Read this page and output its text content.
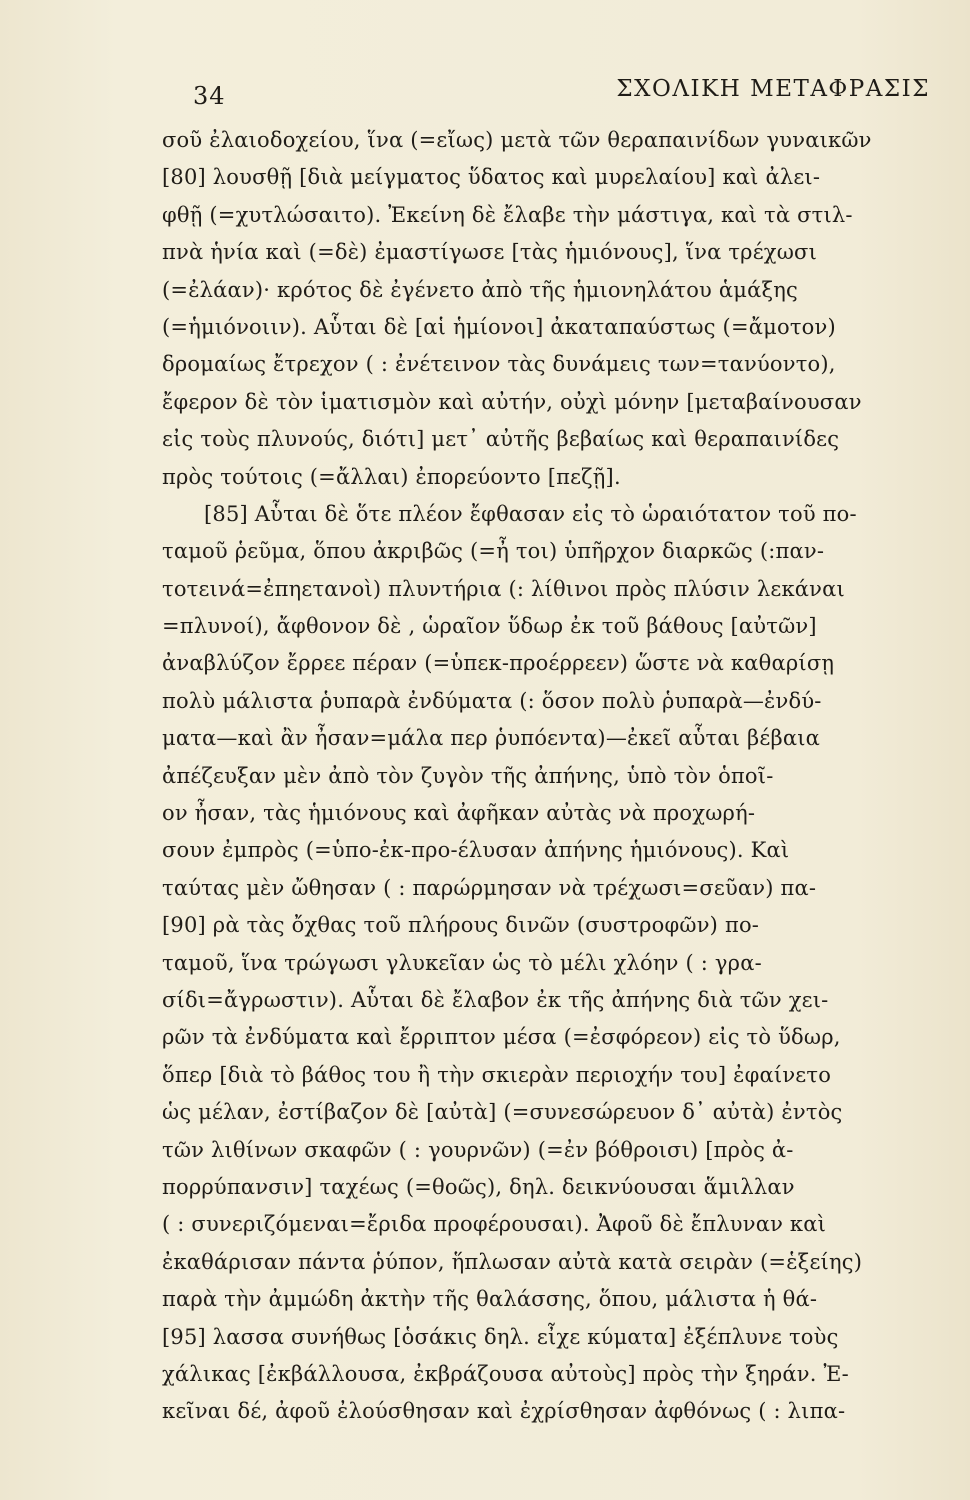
34	ΣΧΟΛΙΚΗ ΜΕΤΑΦΡΑΣΙΣ
σοῦ ἐλαιοδοχείου, ἵνα (=εἴως) μετὰ τῶν θεραπαινίδων γυναικῶν
[80] λουσθῇ [διὰ μείγματος ὕδατος καὶ μυρελαίου] καὶ ἀλει-
φθῇ (=χυτλώσαιτο). Ἐκείνη δὲ ἔλαβε τὴν μάστιγα, καὶ τὰ στιλ-
πνὰ ἡνία καὶ (=δὲ) ἐμαστίγωσε [τὰς ἡμιόνους], ἵνα τρέχωσι
(=ἐλάαν)· κρότος δὲ ἐγένετο ἀπὸ τῆς ἡμιονηλάτου ἁμάξης
(=ἡμιόνοιιν). Αὗται δὲ [αἱ ἡμίονοι] ἀκαταπαύστως (=ἄμοτον)
δρομαίως ἔτρεχον ( : ἐνέτεινον τὰς δυνάμεις των=τανύοντο),
ἔφερον δὲ τὸν ἱματισμὸν καὶ αὐτήν, οὐχὶ μόνην [μεταβαίνουσαν
εἰς τοὺς πλυνούς, διότι] μετ᾽ αὐτῆς βεβαίως καὶ θεραπαινίδες
πρὸς τούτοις (=ἄλλαι) ἐπορεύοντο [πεζῇ].
[85] Αὗται δὲ ὅτε πλέον ἔφθασαν εἰς τὸ ὡραιότατον τοῦ πο-
ταμοῦ ῥεῦμα, ὅπου ἀκριβῶς (=ἦ τοι) ὑπῆρχον διαρκῶς (:παν-
τοτεινά=ἐπηετανοὶ) πλυντήρια (: λίθινοι πρὸς πλύσιν λεκάναι
=πλυνοί), ἄφθονον δὲ , ὡραῖον ὕδωρ ἐκ τοῦ βάθους [αὐτῶν]
ἀναβλύζον ἔρρεε πέραν (=ὑπεκ-προέρρεεν) ὥστε νὰ καθαρίσῃ
πολὺ μάλιστα ῥυπαρὰ ἐνδύματα (: ὅσον πολὺ ῥυπαρὰ—ἐνδύ-
ματα—καὶ ἂν ἦσαν=μάλα περ ῥυπόεντα)—ἐκεῖ αὗται βέβαια
ἀπέζευξαν μὲν ἀπὸ τὸν ζυγὸν τῆς ἀπήνης, ὑπὸ τὸν ὁποῖ-
ον ἦσαν, τὰς ἡμιόνους καὶ ἀφῆκαν αὐτὰς νὰ προχωρή-
σουν ἐμπρὸς (=ὑπο-ἐκ-προ-έλυσαν ἀπήνης ἡμιόνους). Καὶ
ταύτας μὲν ὤθησαν ( : παρώρμησαν νὰ τρέχωσι=σεῦαν) πα-
[90] ρὰ τὰς ὄχθας τοῦ πλήρους δινῶν (συστροφῶν) πο-
ταμοῦ, ἵνα τρώγωσι γλυκεῖαν ὡς τὸ μέλι χλόην ( : γρα-
σίδι=ἄγρωστιν). Αὗται δὲ ἔλαβον ἐκ τῆς ἀπήνης διὰ τῶν χει-
ρῶν τὰ ἐνδύματα καὶ ἔρριπτον μέσα (=ἐσφόρεον) εἰς τὸ ὕδωρ,
ὅπερ [διὰ τὸ βάθος του ἢ τὴν σκιερὰν περιοχήν του] ἐφαίνετο
ὡς μέλαν, ἐστίβαζον δὲ [αὐτὰ] (=συνεσώρευον δ᾽ αὐτὰ) ἐντὸς
τῶν λιθίνων σκαφῶν ( : γουρνῶν) (=ἐν βόθροισι) [πρὸς ἀ-
πορρύπανσιν] ταχέως (=θοῶς), δηλ. δεικνύουσαι ἅμιλλαν
( : συνεριζόμεναι=ἔριδα προφέρουσαι). Ἀφοῦ δὲ ἔπλυναν καὶ
ἐκαθάρισαν πάντα ῥύπον, ἥπλωσαν αὐτὰ κατὰ σειρὰν (=ἑξείης)
παρὰ τὴν ἀμμώδη ἀκτὴν τῆς θαλάσσης, ὅπου, μάλιστα ἡ θά-
[95] λασσα συνήθως [ὁσάκις δηλ. εἶχε κύματα] ἐξέπλυνε τοὺς
χάλικας [ἐκβάλλουσα, ἐκβράζουσα αὐτοὺς] πρὸς τὴν ξηράν. Ἐ-
κεῖναι δέ, ἀφοῦ ἐλούσθησαν καὶ ἐχρίσθησαν ἀφθόνως ( : λιπα-
